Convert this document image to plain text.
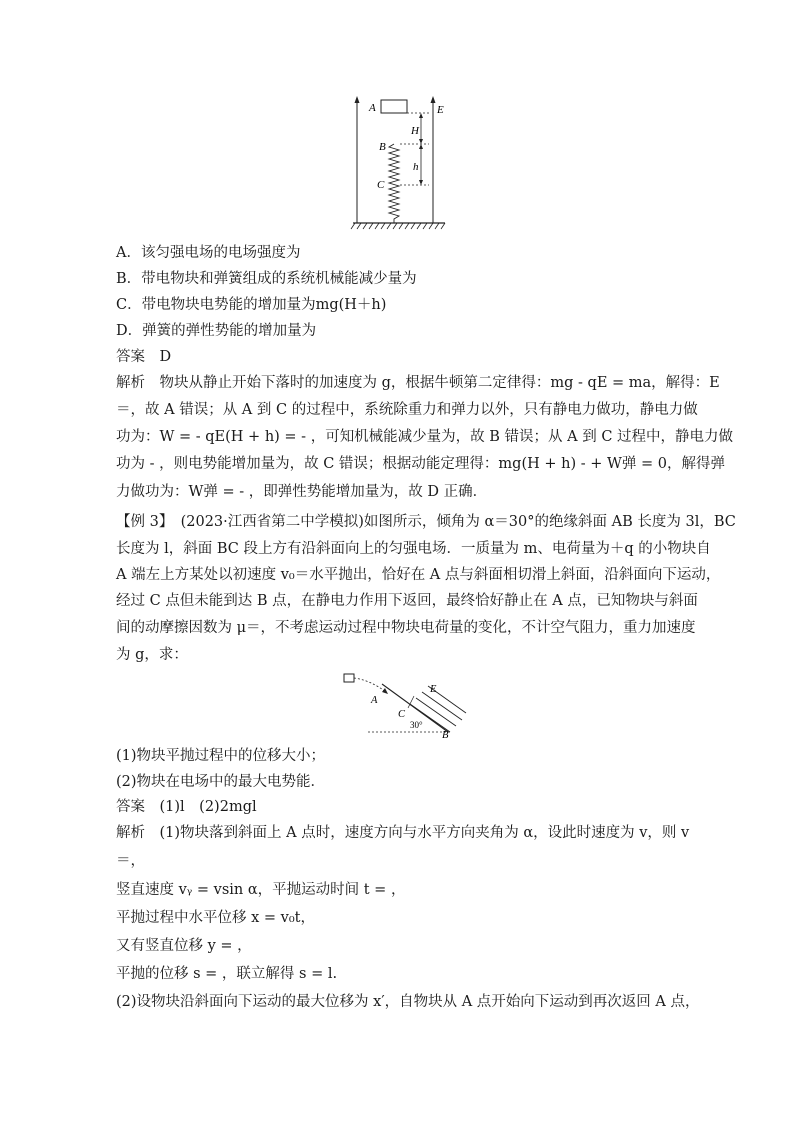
A	E
H
B
h
C
A．该匀强电场的电场强度为
B．带电物块和弹簧组成的系统机械能减少量为
C．带电物块电势能的增加量为mg(H＋h)
D．弹簧的弹性势能的增加量为
答案　D
解析　物块从静止开始下落时的加速度为 g，根据牛顿第二定律得：mg - qE = ma，解得：E
＝，故 A 错误；从 A 到 C 的过程中，系统除重力和弹力以外，只有静电力做功，静电力做
功为：W = - qE(H + h) = - ，可知机械能减少量为，故 B 错误；从 A 到 C 过程中，静电力做
功为 - ，则电势能增加量为，故 C 错误；根据动能定理得：mg(H + h) - + W弹 = 0，解得弹
力做功为：W弹 = - ，即弹性势能增加量为，故 D 正确．
【例 3】　(2023·江西省第二中学模拟)如图所示，倾角为 α＝30°的绝缘斜面 AB 长度为 3l，BC
长度为 l，斜面 BC 段上方有沿斜面向上的匀强电场．一质量为 m、电荷量为＋q 的小物块自
A 端左上方某处以初速度 v₀＝水平抛出，恰好在 A 点与斜面相切滑上斜面，沿斜面向下运动，
经过 C 点但未能到达 B 点，在静电力作用下返回，最终恰好静止在 A 点，已知物块与斜面
间的动摩擦因数为 μ＝，不考虑运动过程中物块电荷量的变化，不计空气阻力，重力加速度
为 g，求：
A
C
E
B
30°
(1)物块平抛过程中的位移大小；
(2)物块在电场中的最大电势能．
答案　(1)l　(2)2mgl
解析　(1)物块落到斜面上 A 点时，速度方向与水平方向夹角为 α，设此时速度为 v，则 v
＝，
竖直速度 vᵧ = vsin α，平抛运动时间 t = ，
平抛过程中水平位移 x = v₀t，
又有竖直位移 y = ，
平抛的位移 s = ，联立解得 s = l.
(2)设物块沿斜面向下运动的最大位移为 x′，自物块从 A 点开始向下运动到再次返回 A 点，
